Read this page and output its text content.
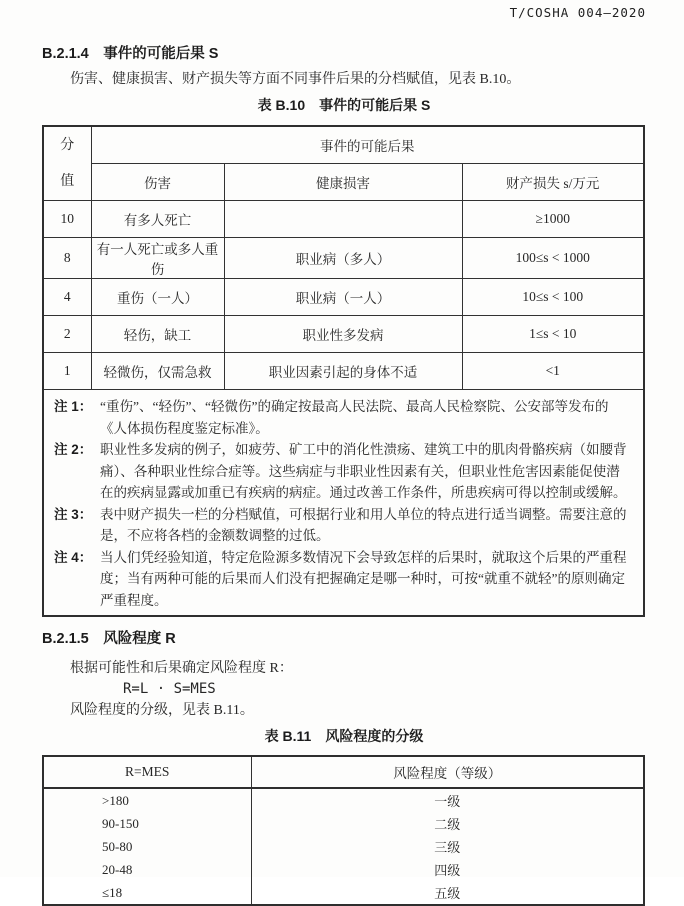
T/COSHA 004—2020
B.2.1.4　事件的可能后果 S

伤害、健康损害、财产损失等方面不同事件后果的分档赋值，见表 B.10。

表 B.10　事件的可能后果 S
分值	事件的可能后果		
	伤害	健康损害	财产损失 s/万元
10	有多人死亡		≥1000
8	有一人死亡或多人重伤	职业病（多人）	100≤s < 1000
4	重伤（一人）	职业病（一人）	10≤s < 100
2	轻伤，缺工	职业性多发病	1≤s < 10
1	轻微伤，仅需急救	职业因素引起的身体不适	<1

注 1： “重伤”、“轻伤”、“轻微伤”的确定按最高人民法院、最高人民检察院、公安部等发布的《人体损伤程度鉴定标准》。
注 2： 职业性多发病的例子，如疲劳、矿工中的消化性溃疡、建筑工中的肌肉骨骼疾病（如腰背痛）、各种职业性综合症等。这些病症与非职业性因素有关，但职业性危害因素能促使潜在的疾病显露或加重已有疾病的病症。通过改善工作条件，所患疾病可得以控制或缓解。
注 3： 表中财产损失一栏的分档赋值，可根据行业和用人单位的特点进行适当调整。需要注意的是，不应将各档的金额数调整的过低。
注 4： 当人们凭经验知道，特定危险源多数情况下会导致怎样的后果时，就取这个后果的严重程度；当有两种可能的后果而人们没有把握确定是哪一种时，可按“就重不就轻”的原则确定严重程度。
B.2.1.5　风险程度 R

根据可能性和后果确定风险程度 R：

R=L · S=MES

风险程度的分级，见表 B.11。

表 B.11　风险程度的分级
R=MES	风险程度（等级）
>180	一级
90-150	二级
50-80	三级
20-48	四级
≤18	五级
